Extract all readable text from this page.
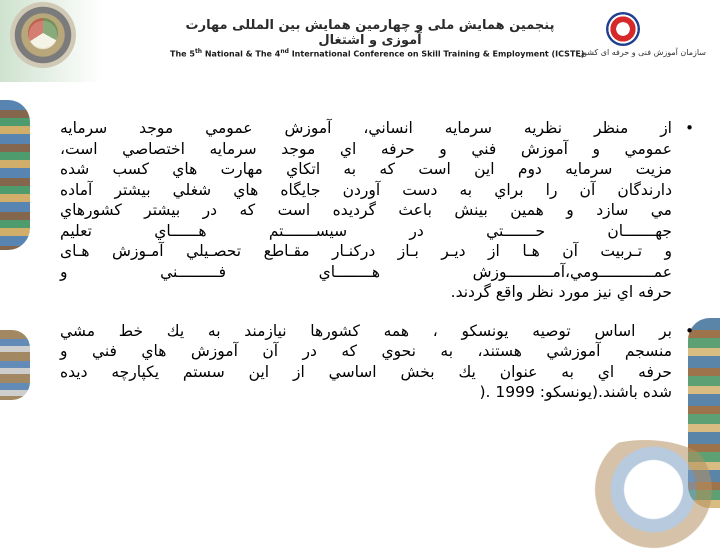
پنجمین همایش ملی و چهارمین همایش بین المللی مهارت آموزی و اشتغال
The 5th National & The 4nd International Conference on Skill Training & Employment (ICSTE)
سازمان آموزش فنی و حرفه ای کشور
•
از منظر نظريه سرمايه انساني، آموزش عمومي موجد سرمايه
عمومي و آموزش فني و حرفه اي موجد سرمايه اختصاصي است،
مزيت سرمايه دوم اين است كه به اتكاي مهارت هاي كسب شده
دارندگان آن را براي به دست آوردن جايگاه هاي شغلي بيشتر آماده
مي سازد و همين بينش باعث گرديده است كه در بيشتر كشورهاي
جهـــــــان حـــــــتي در سيســـــــتم هــــــاي تعليم
و تـربيت آن هـا از ديـر بـاز دركنـار مقـاطع تحصـيلي آمـوزش هـای
عمــــــــــــومي،آمــــــــــوزش هــــــــاي فـــــــــني و
حرفه اي نيز مورد نظر واقع گردند.
•
بر اساس توصيه يونسكو ، همه كشورها نيازمند به يك خط مشي
منسجم آموزشي هستند، به نحوي كه در آن آموزش هاي فني و
حرفه اي به عنوان يك بخش اساسي از اين سستم يكپارچه ديده
شده باشند.(يونسكو: 1999 .(
